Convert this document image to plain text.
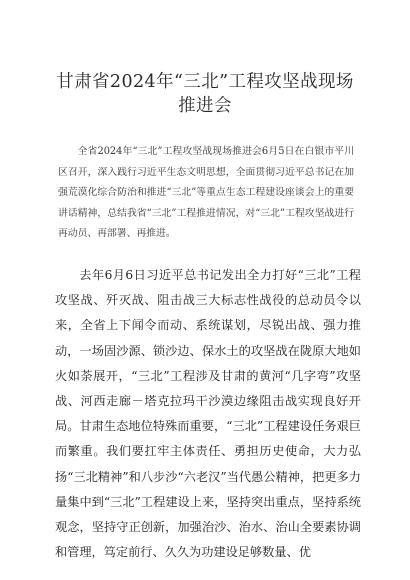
甘肃省2024年“三北”工程攻坚战现场推进会

全省2024年“三北”工程攻坚战现场推进会6月5日在白银市平川区召开，深入践行习近平生态文明思想，全面贯彻习近平总书记在加强荒漠化综合防治和推进“三北”等重点生态工程建设座谈会上的重要讲话精神，总结我省“三北”工程推进情况，对“三北”工程攻坚战进行再动员、再部署、再推进。

去年6月6日习近平总书记发出全力打好“三北”工程攻坚战、歼灭战、阻击战三大标志性战役的总动员令以来，全省上下闻令而动、系统谋划，尽锐出战、强力推动，一场固沙源、锁沙边、保水土的攻坚战在陇原大地如火如荼展开，“三北”工程涉及甘肃的黄河“几字弯”攻坚战、河西走廊－塔克拉玛干沙漠边缘阻击战实现良好开局。甘肃生态地位特殊而重要，“三北”工程建设任务艰巨而繁重。我们要扛牢主体责任、勇担历史使命，大力弘扬“三北精神”和八步沙“六老汉”当代愚公精神，把更多力量集中到“三北”工程建设上来，坚持突出重点，坚持系统观念，坚持守正创新，加强治沙、治水、治山全要素协调和管理，笃定前行、久久为功建设足够数量、优
